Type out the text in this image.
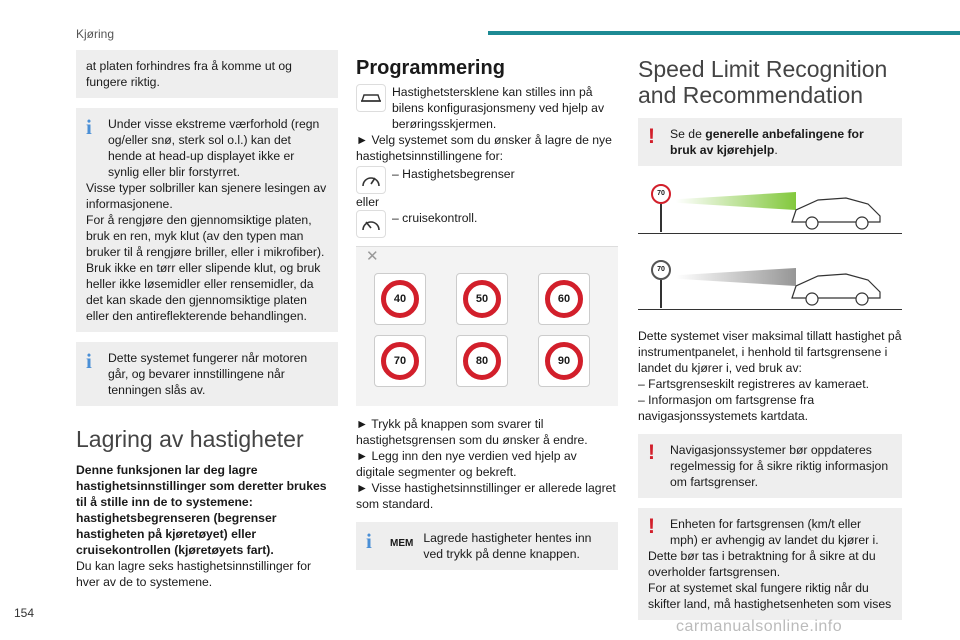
Kjøring

at platen forhindres fra å komme ut og fungere riktig.

i	Under visse ekstreme værforhold (regn og/eller snø, sterk sol o.l.) kan det hende at head-up displayet ikke er synlig eller blir forstyrret.

Visse typer solbriller kan sjenere lesingen av informasjonene.

For å rengjøre den gjennomsiktige platen, bruk en ren, myk klut (av den typen man bruker til å rengjøre briller, eller i mikrofiber).

Bruk ikke en tørr eller slipende klut, og bruk heller ikke løsemidler eller rensemidler, da det kan skade den gjennomsiktige platen eller den antireflekterende behandlingen.

i	Dette systemet fungerer når motoren går, og bevarer innstillingene når tenningen slås av.

Lagring av hastigheter

Denne funksjonen lar deg lagre hastighetsinnstillinger som deretter brukes til å stille inn de to systemene: hastighetsbegrenseren (begrenser hastigheten på kjøretøyet) eller cruisekontrollen (kjøretøyets fart).

Du kan lagre seks hastighetsinnstillinger for hver av de to systemene.

Programmering

Hastighetstersklene kan stilles inn på bilens konfigurasjonsmeny ved hjelp av berøringsskjermen.

► Velg systemet som du ønsker å lagre de nye hastighetsinnstillingene for:

– Hastighetsbegrenser

eller

– cruisekontroll.

✕
40	50	60
70	80	90

► Trykk på knappen som svarer til hastighetsgrensen som du ønsker å endre.

► Legg inn den nye verdien ved hjelp av digitale segmenter og bekreft.

► Visse hastighetsinnstillinger er allerede lagret som standard.

i MEM Lagrede hastigheter hentes inn ved trykk på denne knappen.

Speed Limit Recognition and Recommendation
!	Se de generelle anbefalingene for bruk av kjørehjelp.

70
70

Dette systemet viser maksimal tillatt hastighet på instrumentpanelet, i henhold til fartsgrensene i landet du kjører i, ved bruk av:

– Fartsgrenseskilt registreres av kameraet.

– Informasjon om fartsgrense fra navigasjonssystemets kartdata.

!	Navigasjonssystemer bør oppdateres regelmessig for å sikre riktig informasjon om fartsgrenser.

!	Enheten for fartsgrensen (km/t eller mph) er avhengig av landet du kjører i.

Dette bør tas i betraktning for å sikre at du overholder fartsgrensen.

For at systemet skal fungere riktig når du skifter land, må hastighetsenheten som vises

154
carmanualsonline.info
